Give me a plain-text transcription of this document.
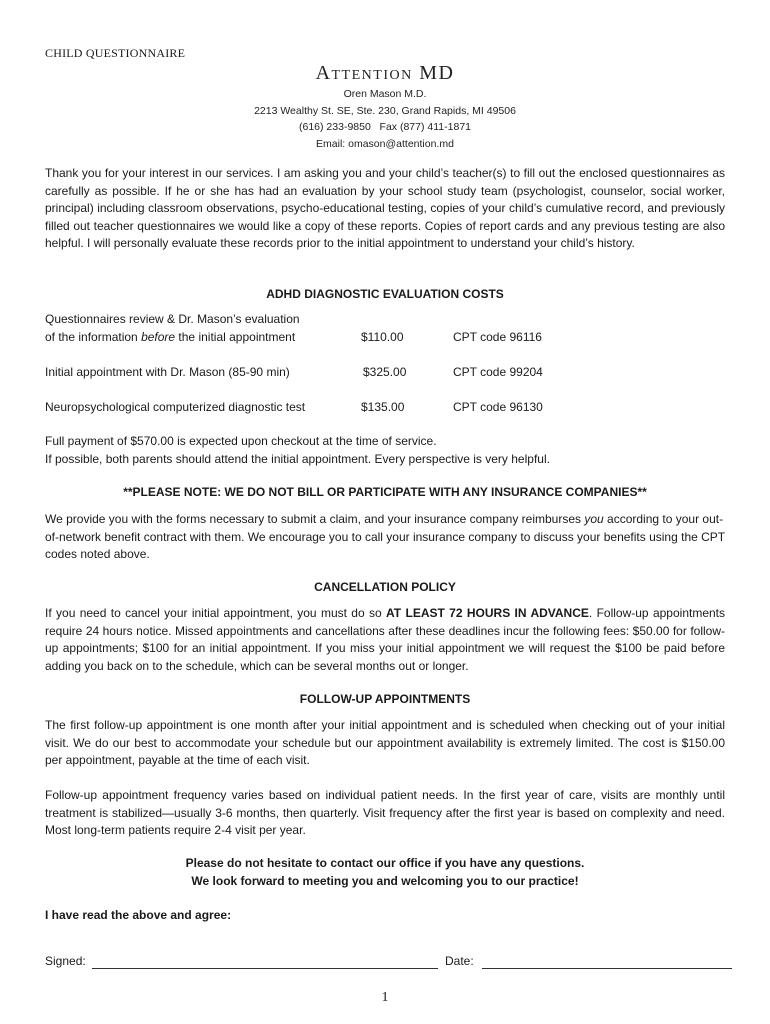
CHILD QUESTIONNAIRE
Attention MD
Oren Mason M.D.
2213 Wealthy St. SE, Ste. 230, Grand Rapids, MI 49506
(616) 233-9850   Fax (877) 411-1871
Email: omason@attention.md

Thank you for your interest in our services. I am asking you and your child’s teacher(s) to fill out the enclosed questionnaires as carefully as possible. If he or she has had an evaluation by your school study team (psychologist, counselor, social worker, principal) including classroom observations, psycho-educational testing, copies of your child’s cumulative record, and previously filled out teacher questionnaires we would like a copy of these reports. Copies of report cards and any previous testing are also helpful. I will personally evaluate these records prior to the initial appointment to understand your child’s history.

ADHD DIAGNOSTIC EVALUATION COSTS
Questionnaires review & Dr. Mason’s evaluation
of the information before the initial appointment	$110.00	CPT code 96116
Initial appointment with Dr. Mason (85-90 min)	$325.00	CPT code 99204
Neuropsychological computerized diagnostic test	$135.00	CPT code 96130
Full payment of $570.00 is expected upon checkout at the time of service.
If possible, both parents should attend the initial appointment. Every perspective is very helpful.
**PLEASE NOTE: WE DO NOT BILL OR PARTICIPATE WITH ANY INSURANCE COMPANIES**

We provide you with the forms necessary to submit a claim, and your insurance company reimburses you according to your out-of-network benefit contract with them. We encourage you to call your insurance company to discuss your benefits using the CPT codes noted above.

CANCELLATION POLICY

If you need to cancel your initial appointment, you must do so AT LEAST 72 HOURS IN ADVANCE. Follow-up appointments require 24 hours notice. Missed appointments and cancellations after these deadlines incur the following fees: $50.00 for follow-up appointments; $100 for an initial appointment. If you miss your initial appointment we will request the $100 be paid before adding you back on to the schedule, which can be several months out or longer.

FOLLOW-UP APPOINTMENTS

The first follow-up appointment is one month after your initial appointment and is scheduled when checking out of your initial visit. We do our best to accommodate your schedule but our appointment availability is extremely limited. The cost is $150.00 per appointment, payable at the time of each visit.

Follow-up appointment frequency varies based on individual patient needs. In the first year of care, visits are monthly until treatment is stabilized—usually 3-6 months, then quarterly. Visit frequency after the first year is based on complexity and need. Most long-term patients require 2-4 visit per year.

Please do not hesitate to contact our office if you have any questions.
We look forward to meeting you and welcoming you to our practice!
I have read the above and agree:
Signed:	Date:
1
